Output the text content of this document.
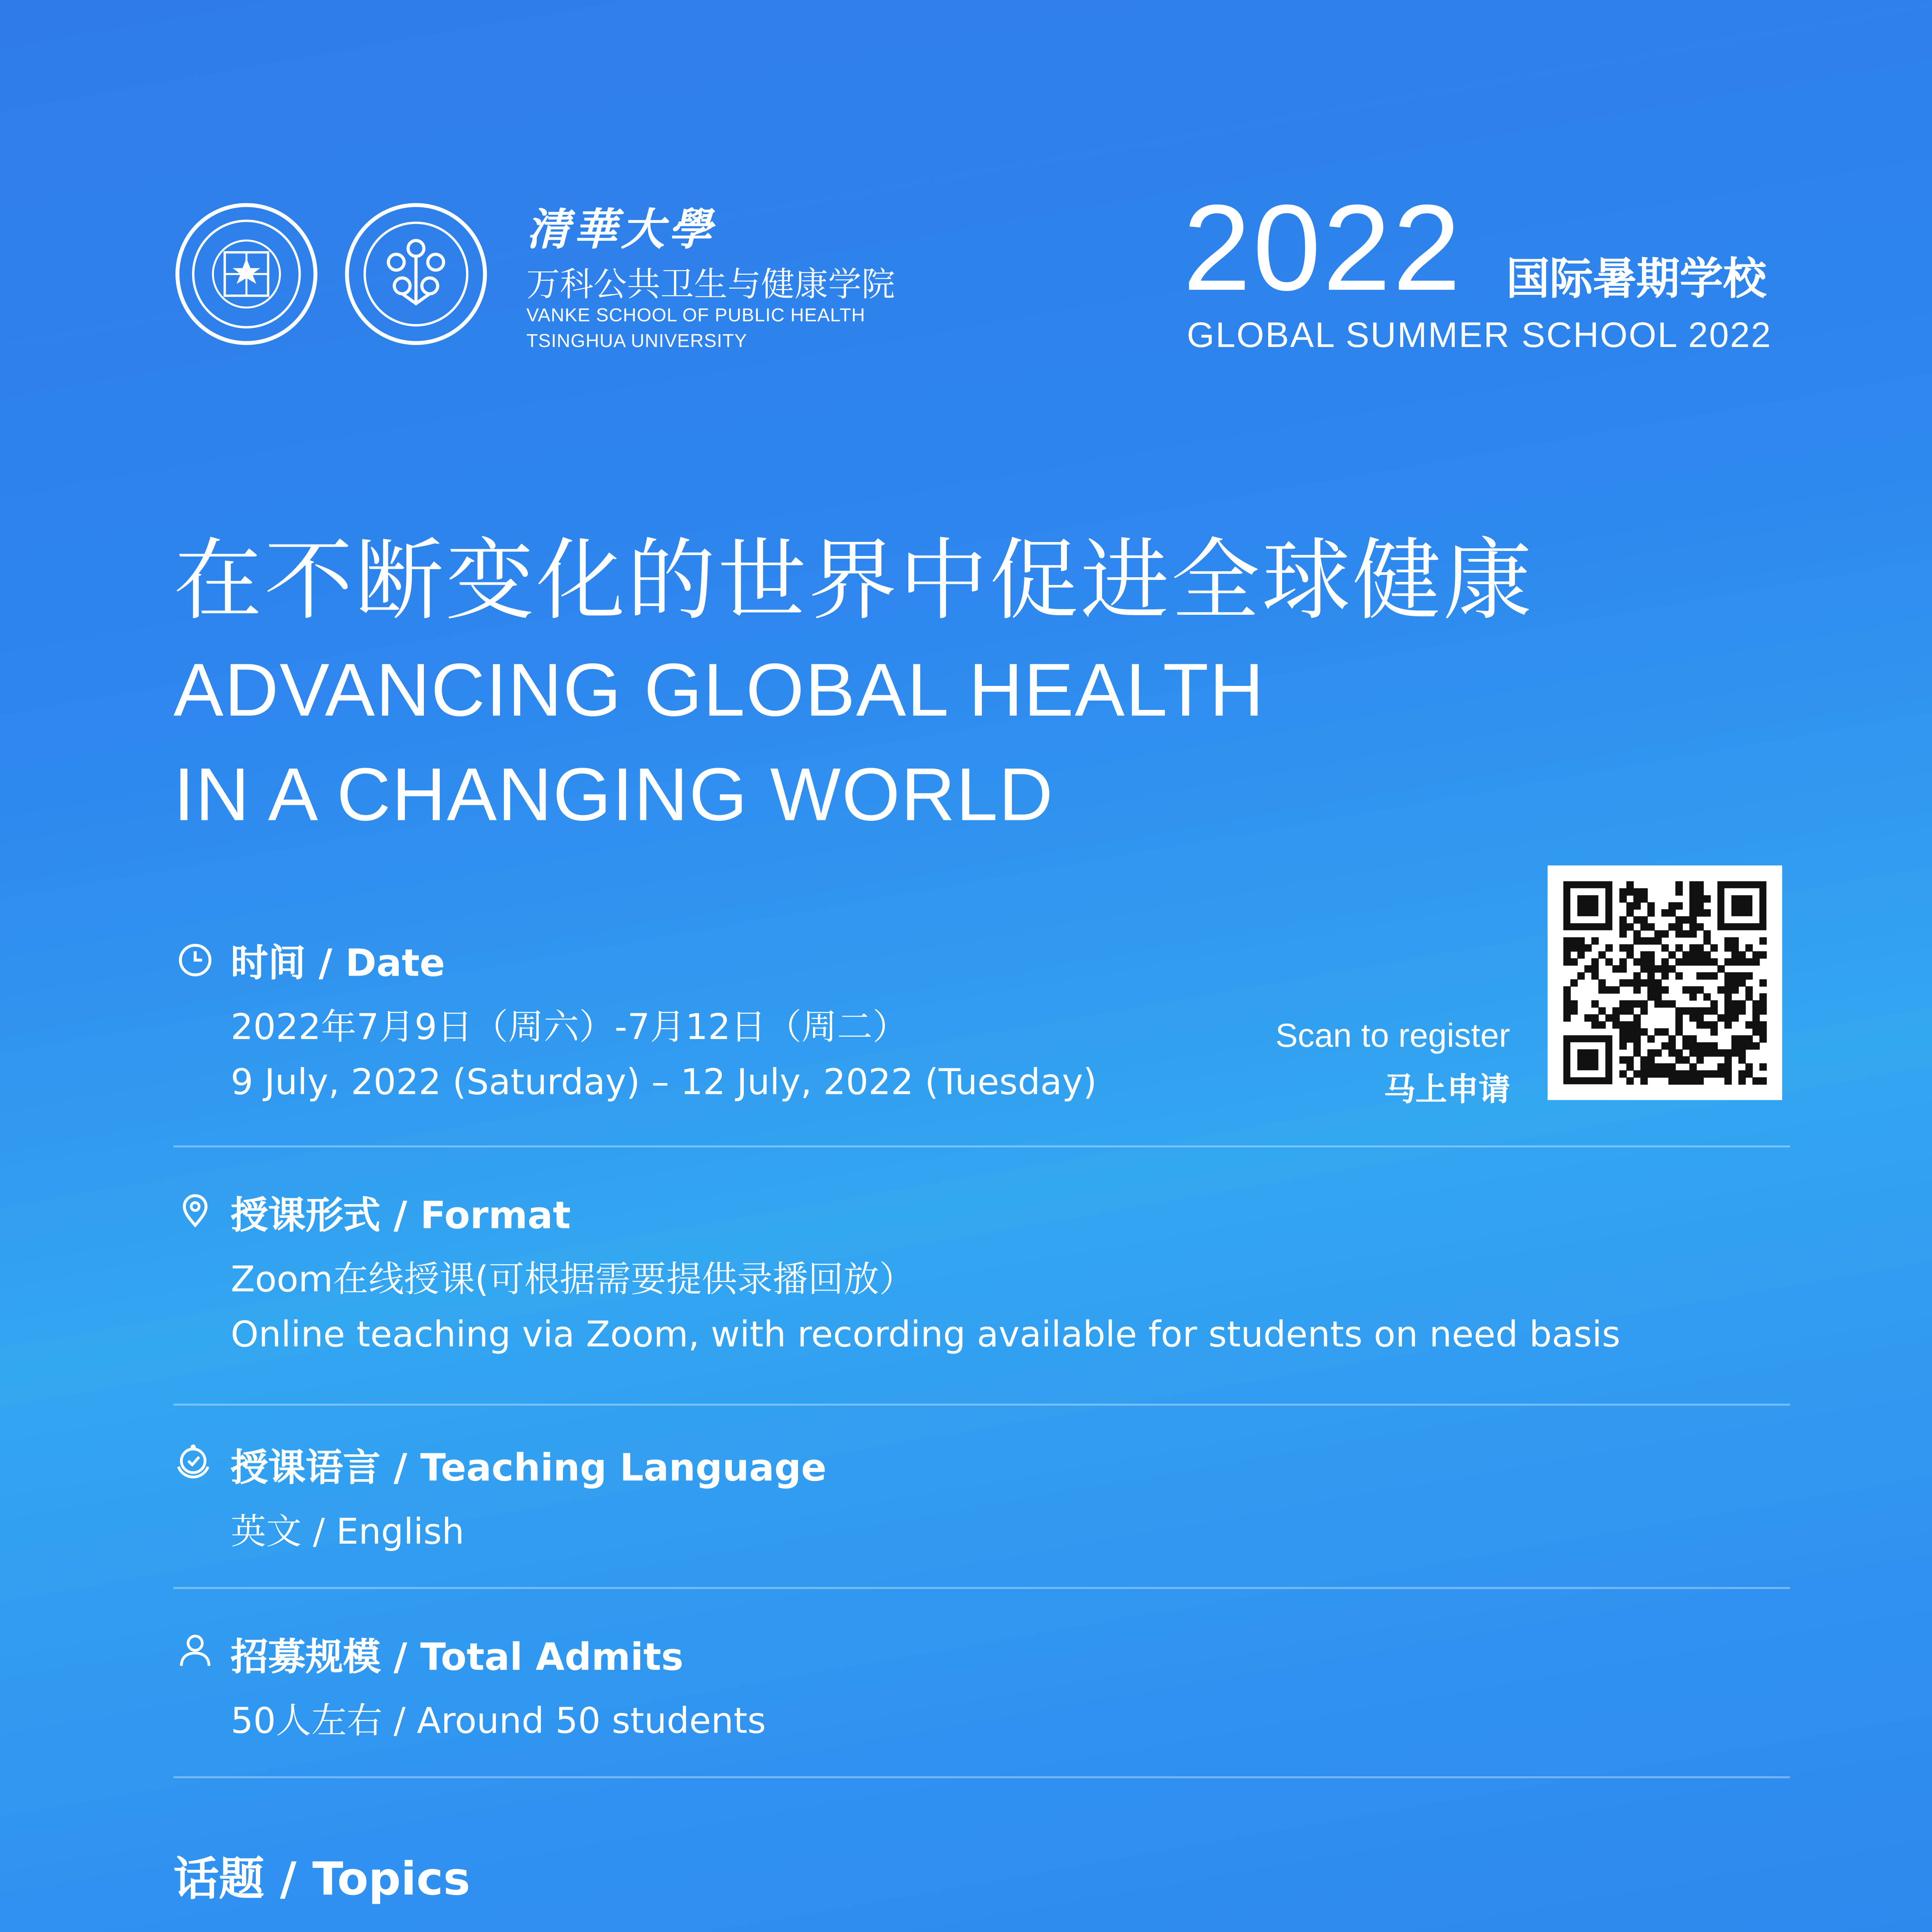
清華大學
万科公共卫生与健康学院
VANKE SCHOOL OF PUBLIC HEALTH
TSINGHUA UNIVERSITY
2022	国际暑期学校
GLOBAL SUMMER SCHOOL 2022
在不断变化的世界中促进全球健康
ADVANCING GLOBAL HEALTH
IN A CHANGING WORLD
时间 / Date
2022年7月9日（周六）-7月12日（周二）
9 July, 2022 (Saturday) – 12 July, 2022 (Tuesday)
Scan to register
马上申请
授课形式 / Format
Zoom在线授课(可根据需要提供录播回放）
Online teaching via Zoom, with recording available for students on need basis
授课语言 / Teaching Language
英文 / English
招募规模 / Total Admits
50人左右 / Around 50 students
话题 / Topics
